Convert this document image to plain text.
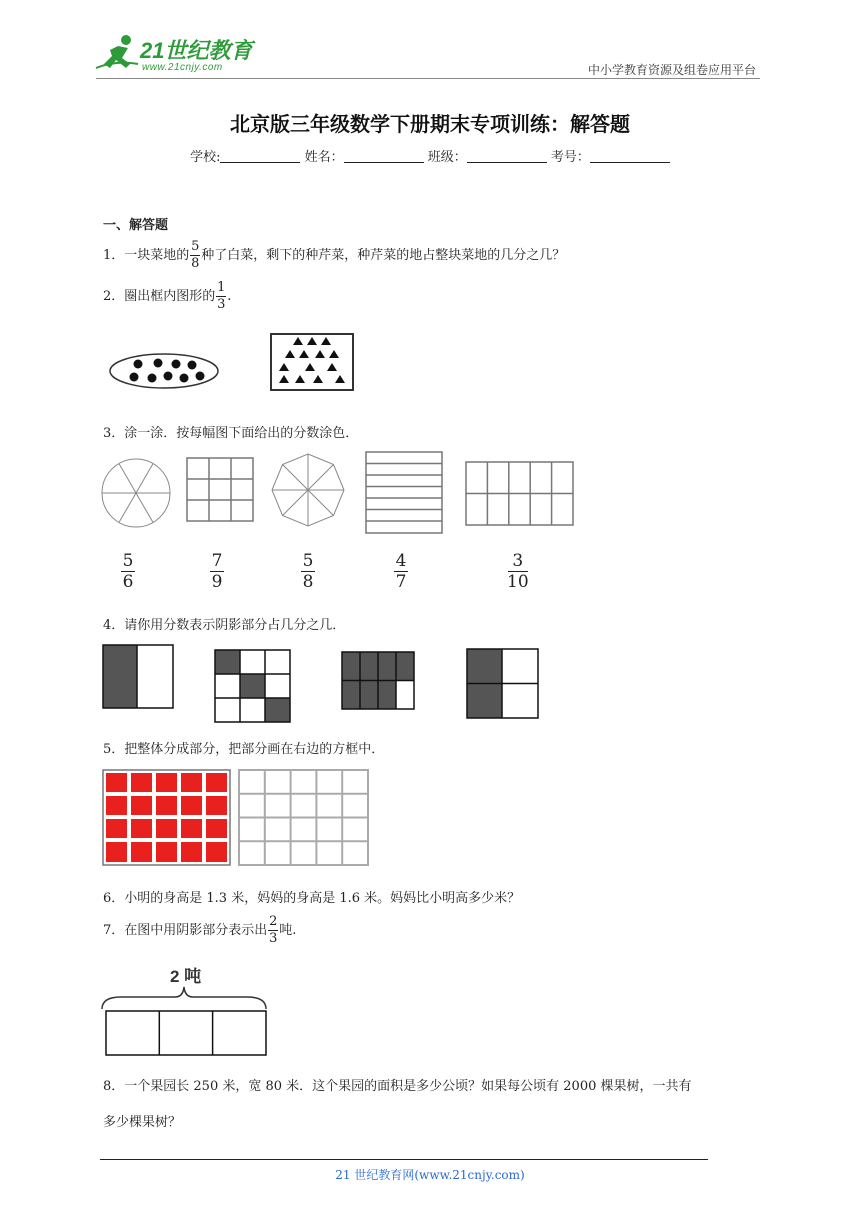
21世纪教育
www.21cnjy.com	中小学教育资源及组卷应用平台
北京版三年级数学下册期末专项训练：解答题
学校:	姓名：	班级：	考号：
一、解答题
1．一块菜地的 $\frac{5}{8}$ 种了白菜，剩下的种芹菜，种芹菜的地占整块菜地的几分之几？
2．圈出框内图形的 $\frac{1}{3}$ .
3．涂一涂．按每幅图下面给出的分数涂色．
$\frac{5}{6}$	$\frac{7}{9}$	$\frac{5}{8}$	$\frac{4}{7}$	$\frac{3}{10}$
4．请你用分数表示阴影部分占几分之几．
5．把整体分成部分，把部分画在右边的方框中．
6．小明的身高是 1.3 米，妈妈的身高是 1.6 米。妈妈比小明高多少米？
7．在图中用阴影部分表示出 $\frac{2}{3}$ 吨.
2 吨
8．一个果园长 250 米，宽 80 米．这个果园的面积是多少公顷？如果每公顷有 2000 棵果树，一共有
多少棵果树？
21 世纪教育网(www.21cnjy.com)
